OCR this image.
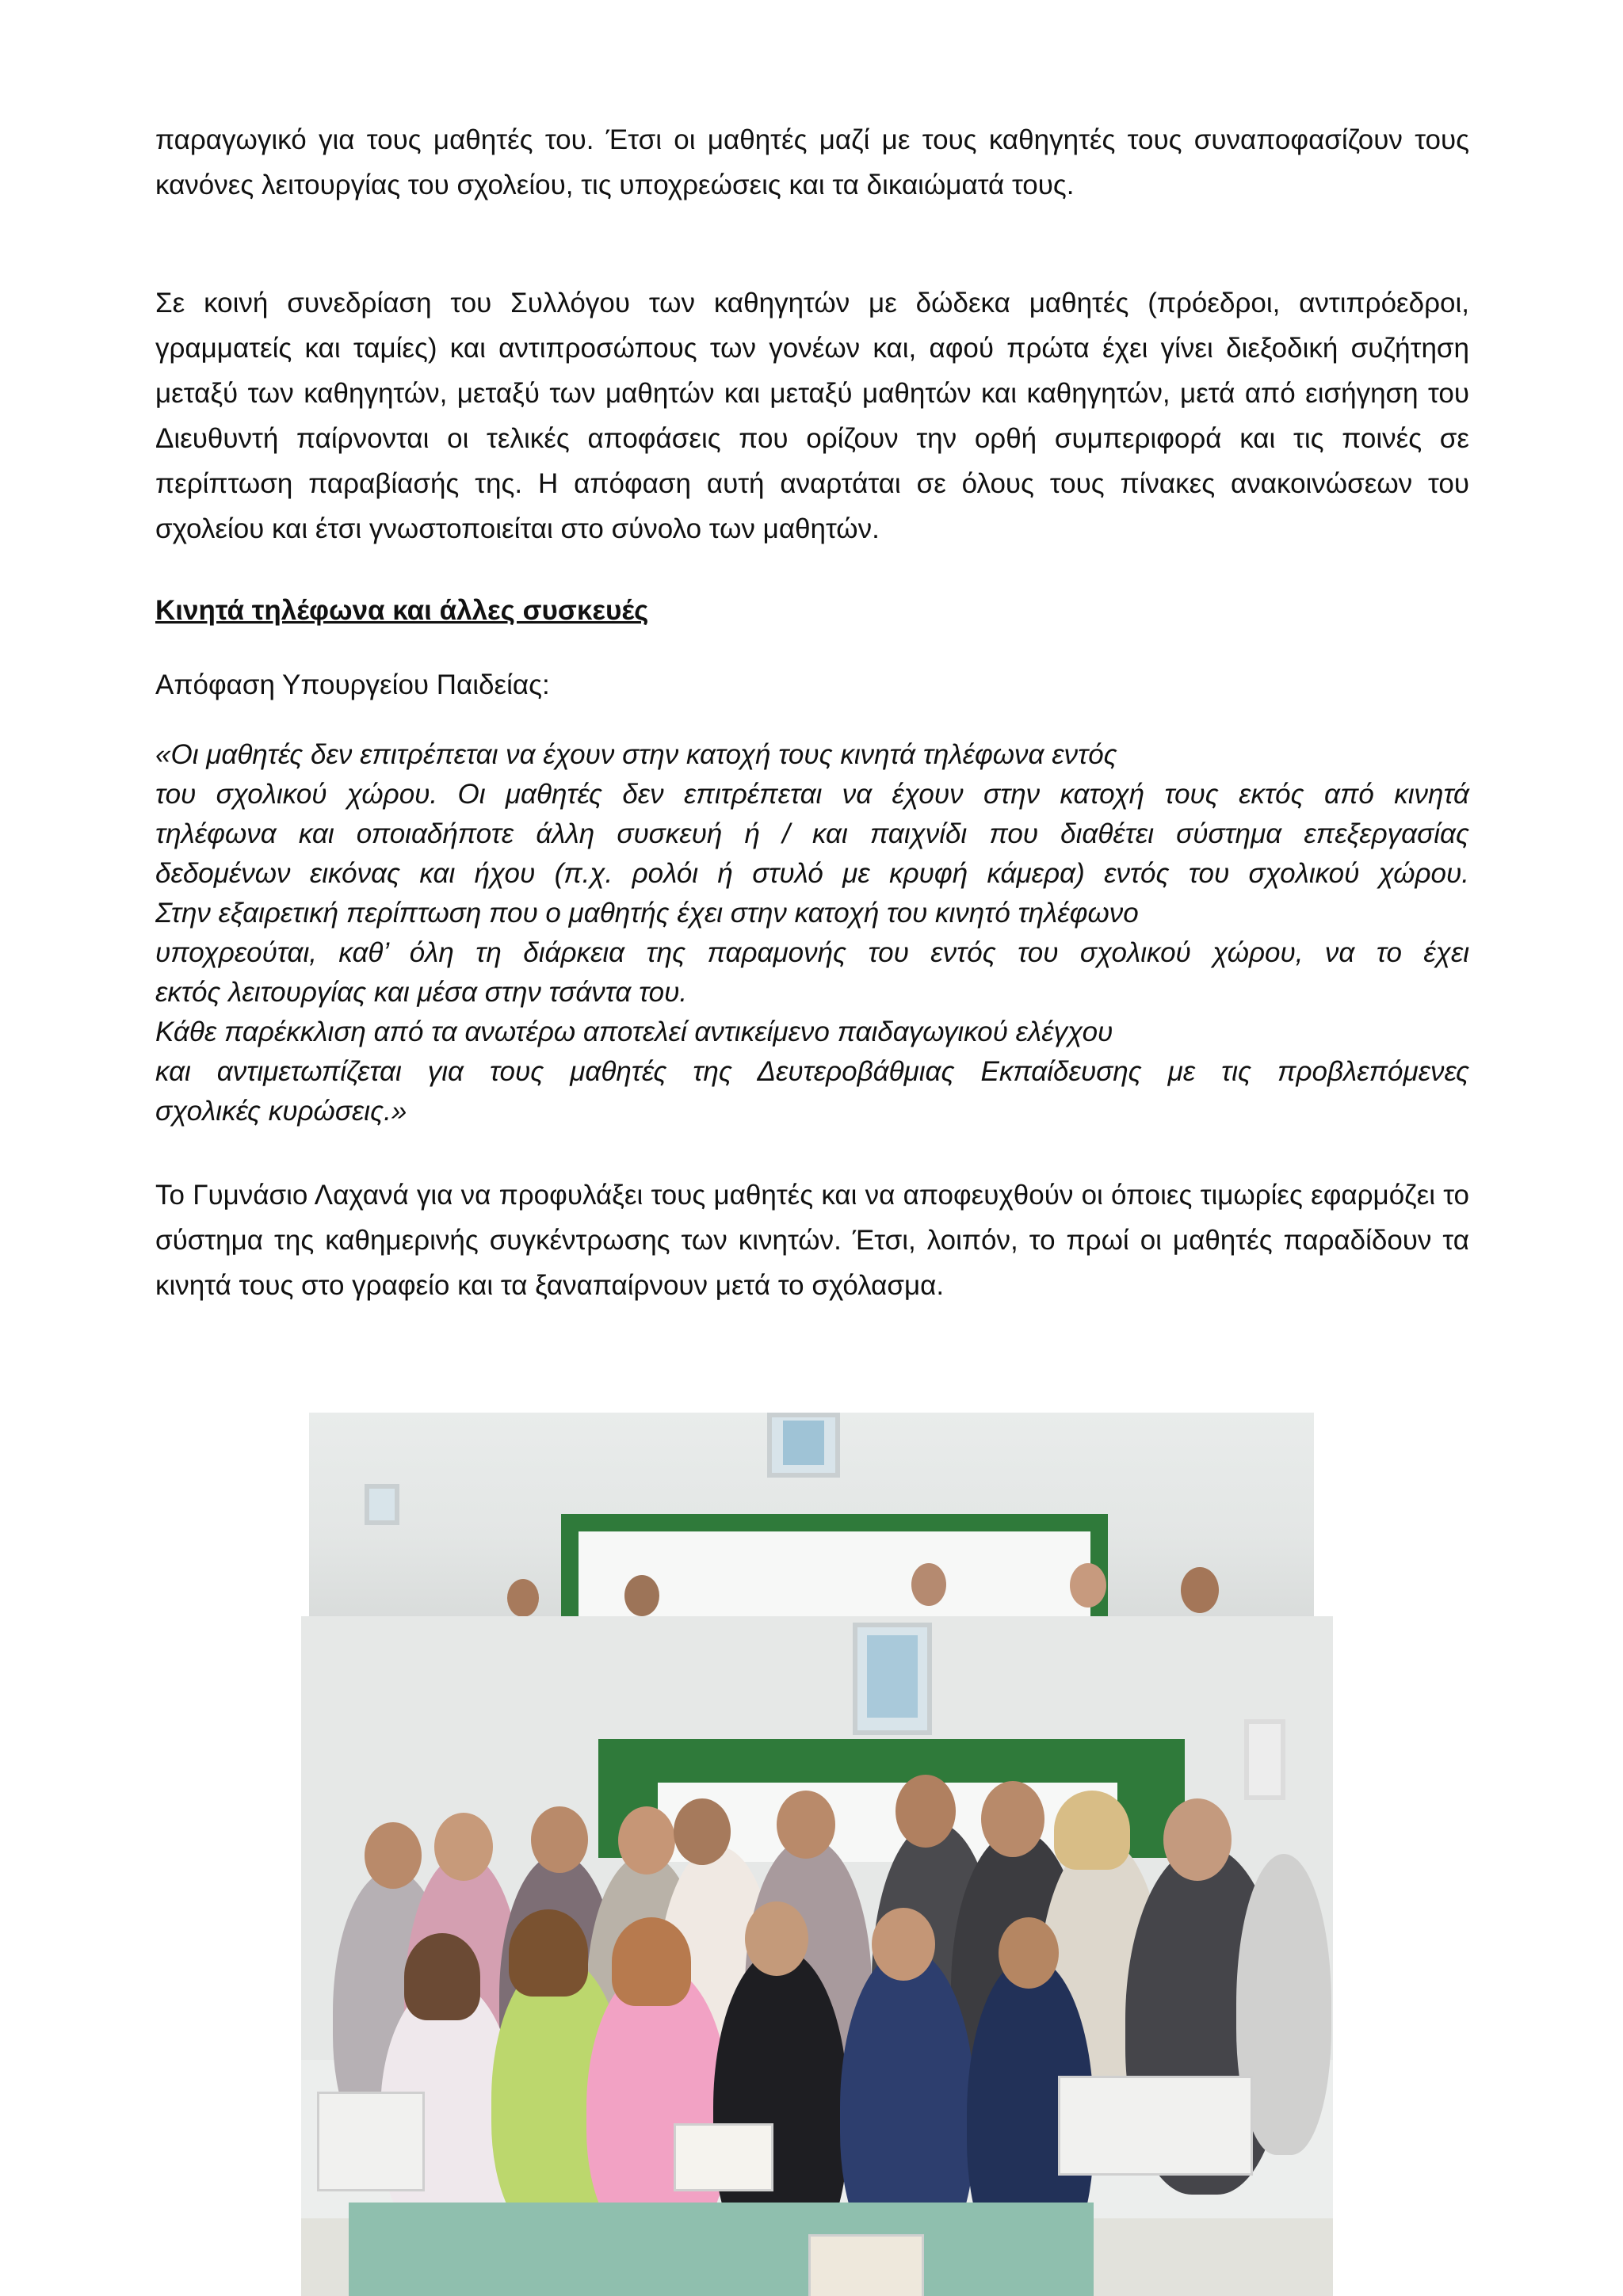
παραγωγικό για τους μαθητές του. Έτσι οι μαθητές μαζί με τους καθηγητές τους συναποφασίζουν τους κανόνες λειτουργίας του σχολείου, τις υποχρεώσεις και τα δικαιώματά τους.

Σε κοινή συνεδρίαση του Συλλόγου των καθηγητών με δώδεκα μαθητές (πρόεδροι, αντιπρόεδροι, γραμματείς και ταμίες) και αντιπροσώπους των γονέων και, αφού πρώτα έχει γίνει διεξοδική συζήτηση μεταξύ των καθηγητών, μεταξύ των μαθητών και μεταξύ μαθητών και καθηγητών, μετά από εισήγηση του Διευθυντή παίρνονται οι τελικές αποφάσεις που ορίζουν την ορθή συμπεριφορά και τις ποινές σε περίπτωση παραβίασής της. Η απόφαση αυτή αναρτάται σε όλους τους πίνακες ανακοινώσεων του σχολείου και έτσι γνωστοποιείται στο σύνολο των μαθητών.

Κινητά τηλέφωνα και άλλες συσκευές

Απόφαση Υπουργείου Παιδείας:

«Οι μαθητές δεν επιτρέπεται να έχουν στην κατοχή τους κινητά τηλέφωνα εντός
του σχολικού χώρου. Οι μαθητές δεν επιτρέπεται να έχουν στην κατοχή τους εκτός από κινητά
τηλέφωνα και οποιαδήποτε άλλη συσκευή ή / και παιχνίδι που διαθέτει σύστημα επεξεργασίας
δεδομένων εικόνας και ήχου (π.χ. ρολόι ή στυλό με κρυφή κάμερα) εντός του σχολικού χώρου.
Στην εξαιρετική περίπτωση που ο μαθητής έχει στην κατοχή του κινητό τηλέφωνο
υποχρεούται, καθ’ όλη τη διάρκεια της παραμονής του εντός του σχολικού χώρου, να το έχει
εκτός λειτουργίας και μέσα στην τσάντα του.
Κάθε παρέκκλιση από τα ανωτέρω αποτελεί αντικείμενο παιδαγωγικού ελέγχου
και αντιμετωπίζεται για τους μαθητές της Δευτεροβάθμιας Εκπαίδευσης με τις προβλεπόμενες
σχολικές κυρώσεις.»

Το Γυμνάσιο Λαχανά για να προφυλάξει τους μαθητές και να αποφευχθούν οι όποιες τιμωρίες εφαρμόζει το σύστημα της καθημερινής συγκέντρωσης των κινητών. Έτσι, λοιπόν, το πρωί οι μαθητές παραδίδουν τα κινητά τους στο γραφείο και τα ξαναπαίρνουν μετά το σχόλασμα.
